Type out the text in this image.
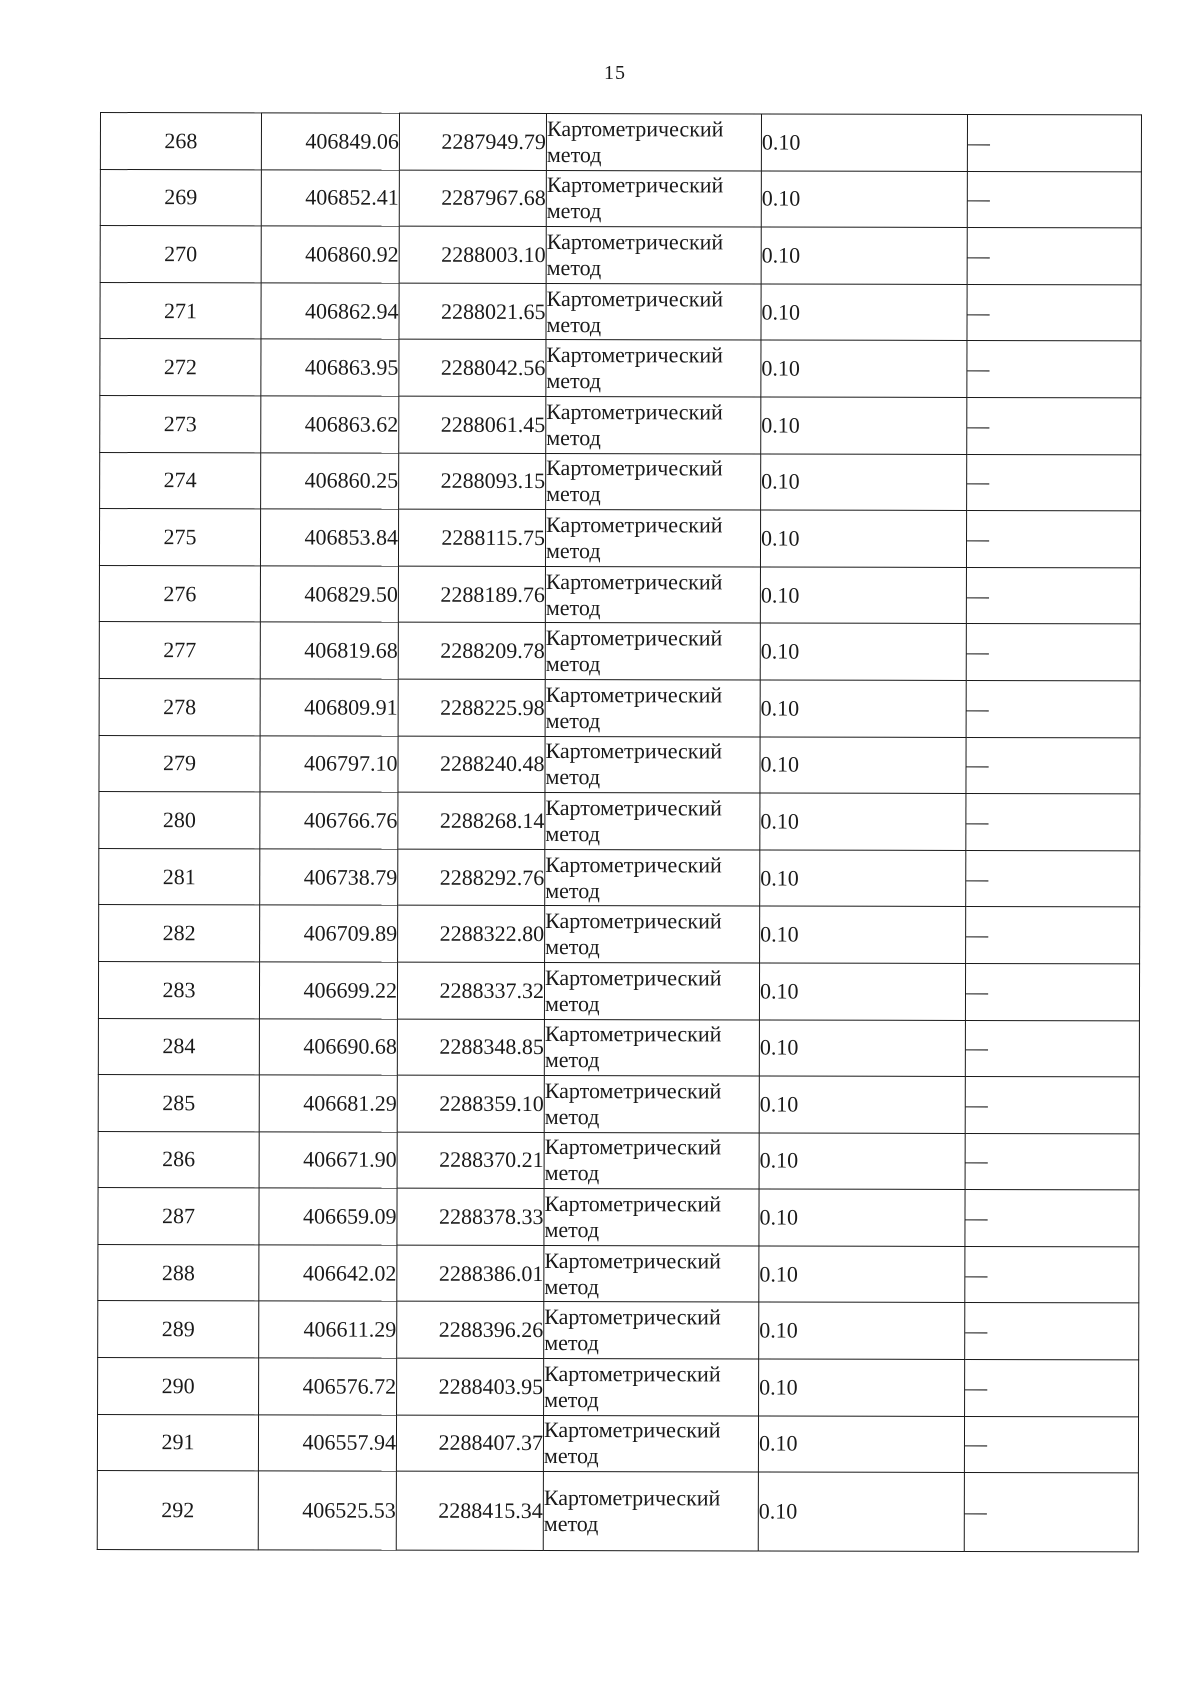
15
268	406849.06	2287949.79	Картометрический метод	0.10	—
269	406852.41	2287967.68	Картометрический метод	0.10	—
270	406860.92	2288003.10	Картометрический метод	0.10	—
271	406862.94	2288021.65	Картометрический метод	0.10	—
272	406863.95	2288042.56	Картометрический метод	0.10	—
273	406863.62	2288061.45	Картометрический метод	0.10	—
274	406860.25	2288093.15	Картометрический метод	0.10	—
275	406853.84	2288115.75	Картометрический метод	0.10	—
276	406829.50	2288189.76	Картометрический метод	0.10	—
277	406819.68	2288209.78	Картометрический метод	0.10	—
278	406809.91	2288225.98	Картометрический метод	0.10	—
279	406797.10	2288240.48	Картометрический метод	0.10	—
280	406766.76	2288268.14	Картометрический метод	0.10	—
281	406738.79	2288292.76	Картометрический метод	0.10	—
282	406709.89	2288322.80	Картометрический метод	0.10	—
283	406699.22	2288337.32	Картометрический метод	0.10	—
284	406690.68	2288348.85	Картометрический метод	0.10	—
285	406681.29	2288359.10	Картометрический метод	0.10	—
286	406671.90	2288370.21	Картометрический метод	0.10	—
287	406659.09	2288378.33	Картометрический метод	0.10	—
288	406642.02	2288386.01	Картометрический метод	0.10	—
289	406611.29	2288396.26	Картометрический метод	0.10	—
290	406576.72	2288403.95	Картометрический метод	0.10	—
291	406557.94	2288407.37	Картометрический метод	0.10	—
292	406525.53	2288415.34	Картометрический метод	0.10	—
